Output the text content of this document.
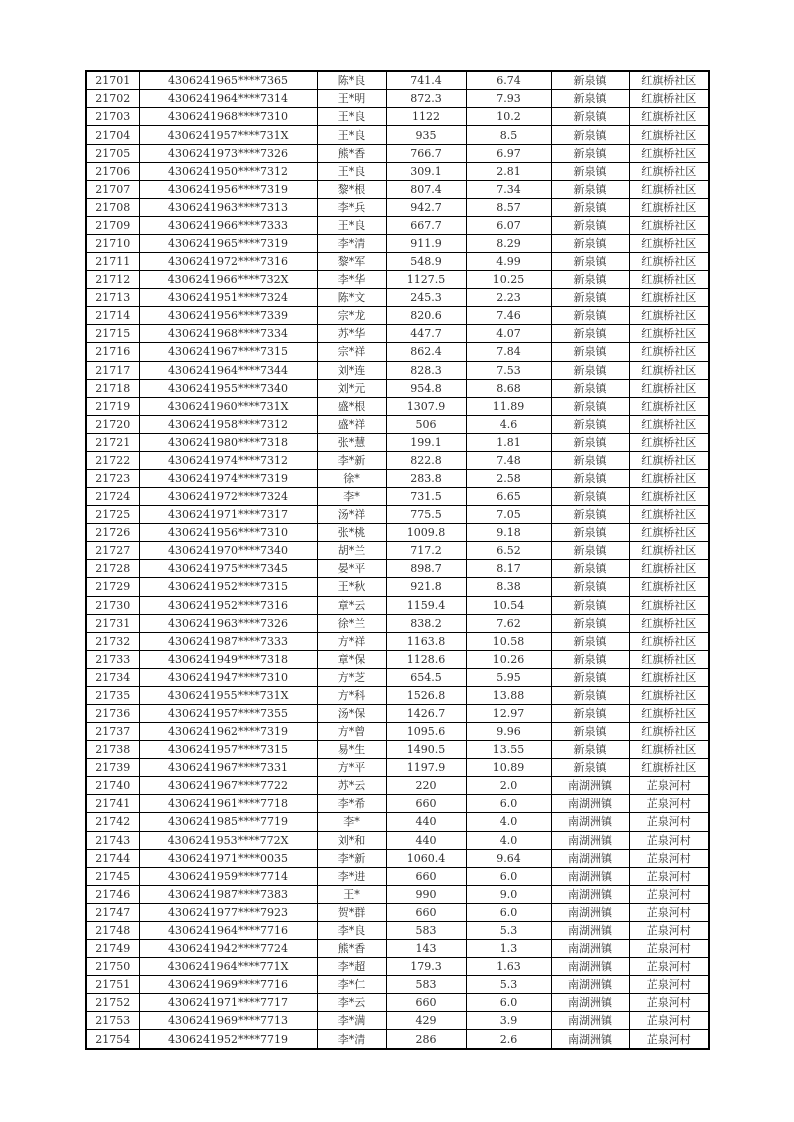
21701	4306241965****7365	陈*良	741.4	6.74	新泉镇	红旗桥社区
21702	4306241964****7314	王*明	872.3	7.93	新泉镇	红旗桥社区
21703	4306241968****7310	王*良	1122	10.2	新泉镇	红旗桥社区
21704	4306241957****731X	王*良	935	8.5	新泉镇	红旗桥社区
21705	4306241973****7326	熊*香	766.7	6.97	新泉镇	红旗桥社区
21706	4306241950****7312	王*良	309.1	2.81	新泉镇	红旗桥社区
21707	4306241956****7319	黎*根	807.4	7.34	新泉镇	红旗桥社区
21708	4306241963****7313	李*兵	942.7	8.57	新泉镇	红旗桥社区
21709	4306241966****7333	王*良	667.7	6.07	新泉镇	红旗桥社区
21710	4306241965****7319	李*清	911.9	8.29	新泉镇	红旗桥社区
21711	4306241972****7316	黎*军	548.9	4.99	新泉镇	红旗桥社区
21712	4306241966****732X	李*华	1127.5	10.25	新泉镇	红旗桥社区
21713	4306241951****7324	陈*文	245.3	2.23	新泉镇	红旗桥社区
21714	4306241956****7339	宗*龙	820.6	7.46	新泉镇	红旗桥社区
21715	4306241968****7334	苏*华	447.7	4.07	新泉镇	红旗桥社区
21716	4306241967****7315	宗*祥	862.4	7.84	新泉镇	红旗桥社区
21717	4306241964****7344	刘*连	828.3	7.53	新泉镇	红旗桥社区
21718	4306241955****7340	刘*元	954.8	8.68	新泉镇	红旗桥社区
21719	4306241960****731X	盛*根	1307.9	11.89	新泉镇	红旗桥社区
21720	4306241958****7312	盛*祥	506	4.6	新泉镇	红旗桥社区
21721	4306241980****7318	张*慧	199.1	1.81	新泉镇	红旗桥社区
21722	4306241974****7312	李*新	822.8	7.48	新泉镇	红旗桥社区
21723	4306241974****7319	徐*	283.8	2.58	新泉镇	红旗桥社区
21724	4306241972****7324	李*	731.5	6.65	新泉镇	红旗桥社区
21725	4306241971****7317	汤*祥	775.5	7.05	新泉镇	红旗桥社区
21726	4306241956****7310	张*桃	1009.8	9.18	新泉镇	红旗桥社区
21727	4306241970****7340	胡*兰	717.2	6.52	新泉镇	红旗桥社区
21728	4306241975****7345	晏*平	898.7	8.17	新泉镇	红旗桥社区
21729	4306241952****7315	王*秋	921.8	8.38	新泉镇	红旗桥社区
21730	4306241952****7316	章*云	1159.4	10.54	新泉镇	红旗桥社区
21731	4306241963****7326	徐*兰	838.2	7.62	新泉镇	红旗桥社区
21732	4306241987****7333	方*祥	1163.8	10.58	新泉镇	红旗桥社区
21733	4306241949****7318	章*保	1128.6	10.26	新泉镇	红旗桥社区
21734	4306241947****7310	方*芝	654.5	5.95	新泉镇	红旗桥社区
21735	4306241955****731X	方*科	1526.8	13.88	新泉镇	红旗桥社区
21736	4306241957****7355	汤*保	1426.7	12.97	新泉镇	红旗桥社区
21737	4306241962****7319	方*曾	1095.6	9.96	新泉镇	红旗桥社区
21738	4306241957****7315	易*生	1490.5	13.55	新泉镇	红旗桥社区
21739	4306241967****7331	方*平	1197.9	10.89	新泉镇	红旗桥社区
21740	4306241967****7722	苏*云	220	2.0	南湖洲镇	芷泉河村
21741	4306241961****7718	李*希	660	6.0	南湖洲镇	芷泉河村
21742	4306241985****7719	李*	440	4.0	南湖洲镇	芷泉河村
21743	4306241953****772X	刘*和	440	4.0	南湖洲镇	芷泉河村
21744	4306241971****0035	李*新	1060.4	9.64	南湖洲镇	芷泉河村
21745	4306241959****7714	李*进	660	6.0	南湖洲镇	芷泉河村
21746	4306241987****7383	王*	990	9.0	南湖洲镇	芷泉河村
21747	4306241977****7923	贺*群	660	6.0	南湖洲镇	芷泉河村
21748	4306241964****7716	李*良	583	5.3	南湖洲镇	芷泉河村
21749	4306241942****7724	熊*香	143	1.3	南湖洲镇	芷泉河村
21750	4306241964****771X	李*超	179.3	1.63	南湖洲镇	芷泉河村
21751	4306241969****7716	李*仁	583	5.3	南湖洲镇	芷泉河村
21752	4306241971****7717	李*云	660	6.0	南湖洲镇	芷泉河村
21753	4306241969****7713	李*满	429	3.9	南湖洲镇	芷泉河村
21754	4306241952****7719	李*清	286	2.6	南湖洲镇	芷泉河村
